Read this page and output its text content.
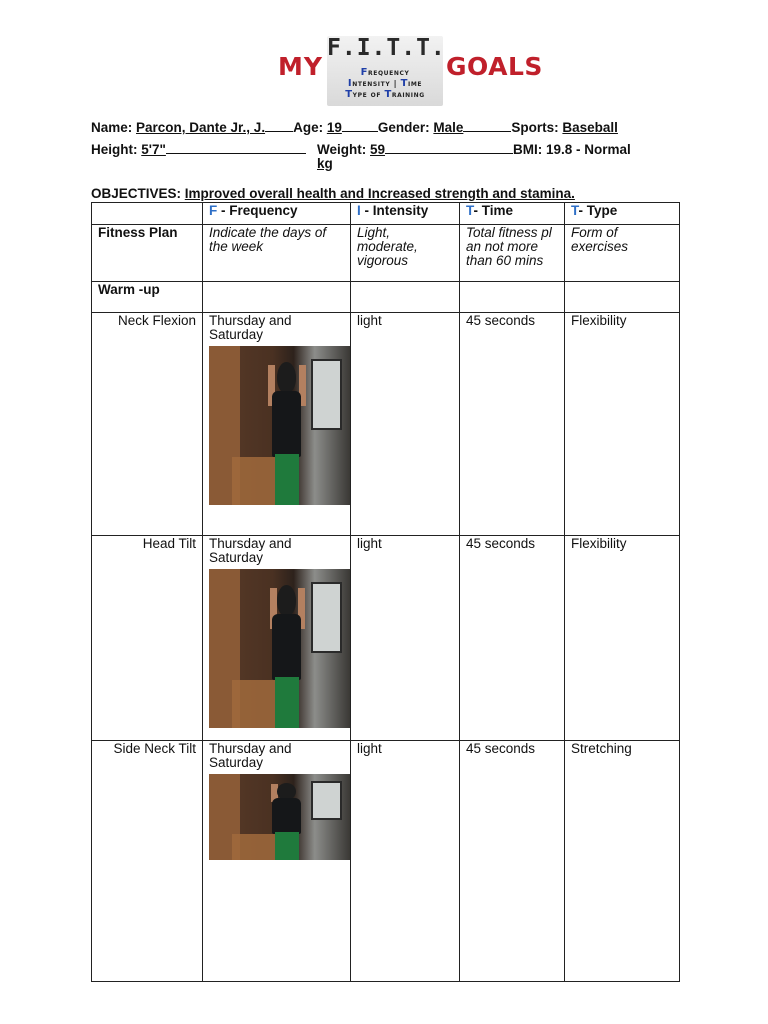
MY
F.I.T.T.
Frequency
Intensity | Time
Type of Training
GOALS
Name: Parcon, Dante Jr., J. Age: 19	Gender: Male	Sports: Baseball
Height: 5'7"	Weight: 59	BMI: 19.8 - Normal
kg
OBJECTIVES: Improved overall health and Increased strength and stamina.
	F - Frequency	I - Intensity	T- Time	T- Type
Fitness Plan	Indicate the days of the week	Light, moderate, vigorous	Total fitness pl an not more than 60 mins	Form of exercises
Warm -up				
Neck Flexion	Thursday and Saturday	light	45 seconds	Flexibility
Head Tilt	Thursday and Saturday	light	45 seconds	Flexibility
Side Neck Tilt	Thursday and Saturday	light	45 seconds	Stretching
